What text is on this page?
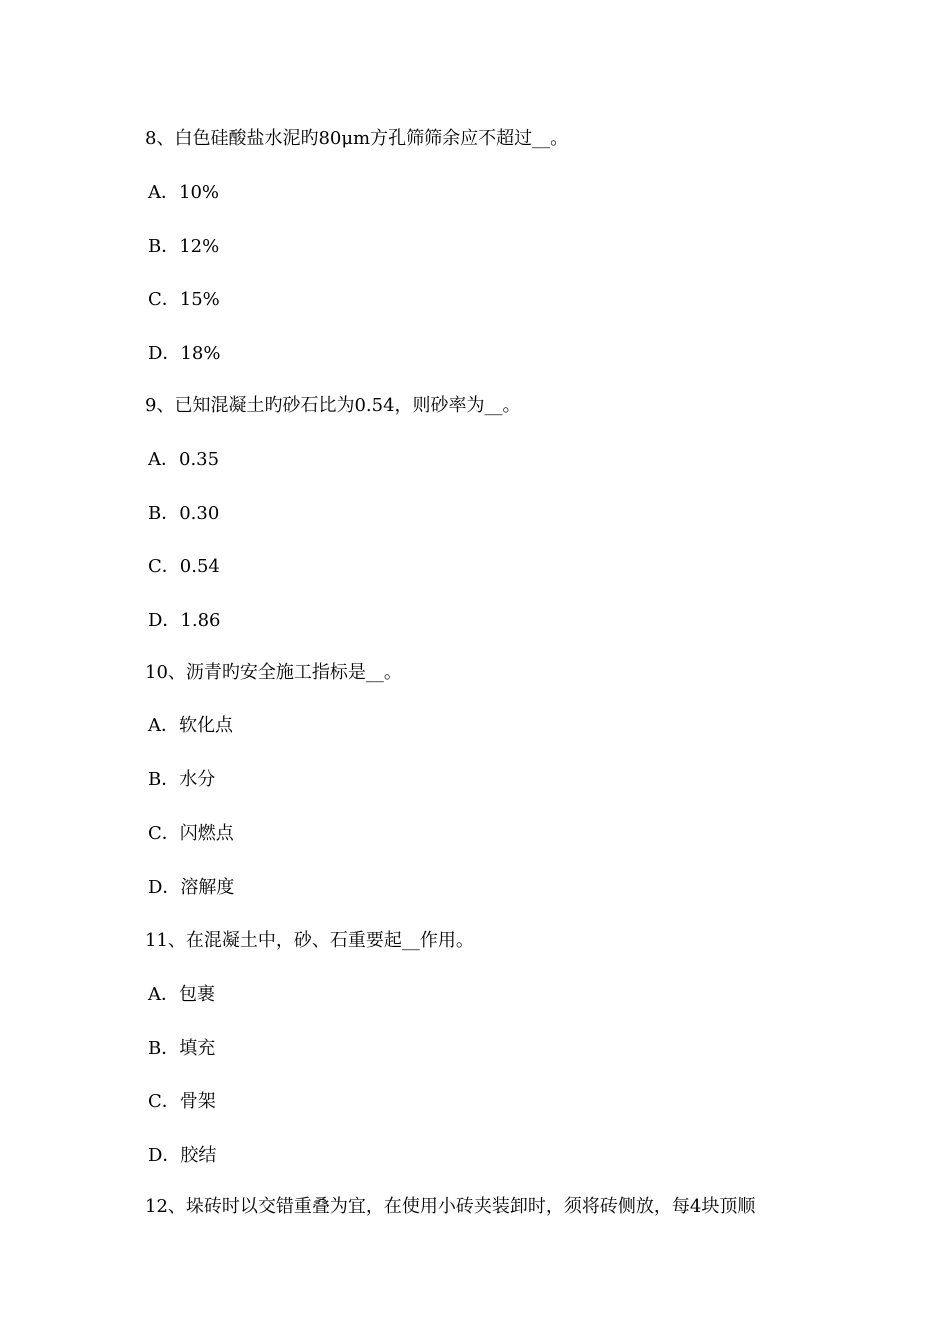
8、白色硅酸盐水泥旳80μm方孔筛筛余应不超过__。
A．10%
B．12%
C．15%
D．18%
9、已知混凝土旳砂石比为0.54，则砂率为__。
A．0.35
B．0.30
C．0.54
D．1.86
10、沥青旳安全施工指标是__。
A．软化点
B．水分
C．闪燃点
D．溶解度
11、在混凝土中，砂、石重要起__作用。
A．包裹
B．填充
C．骨架
D．胶结
12、垛砖时以交错重叠为宜，在使用小砖夹装卸时，须将砖侧放，每4块顶顺
